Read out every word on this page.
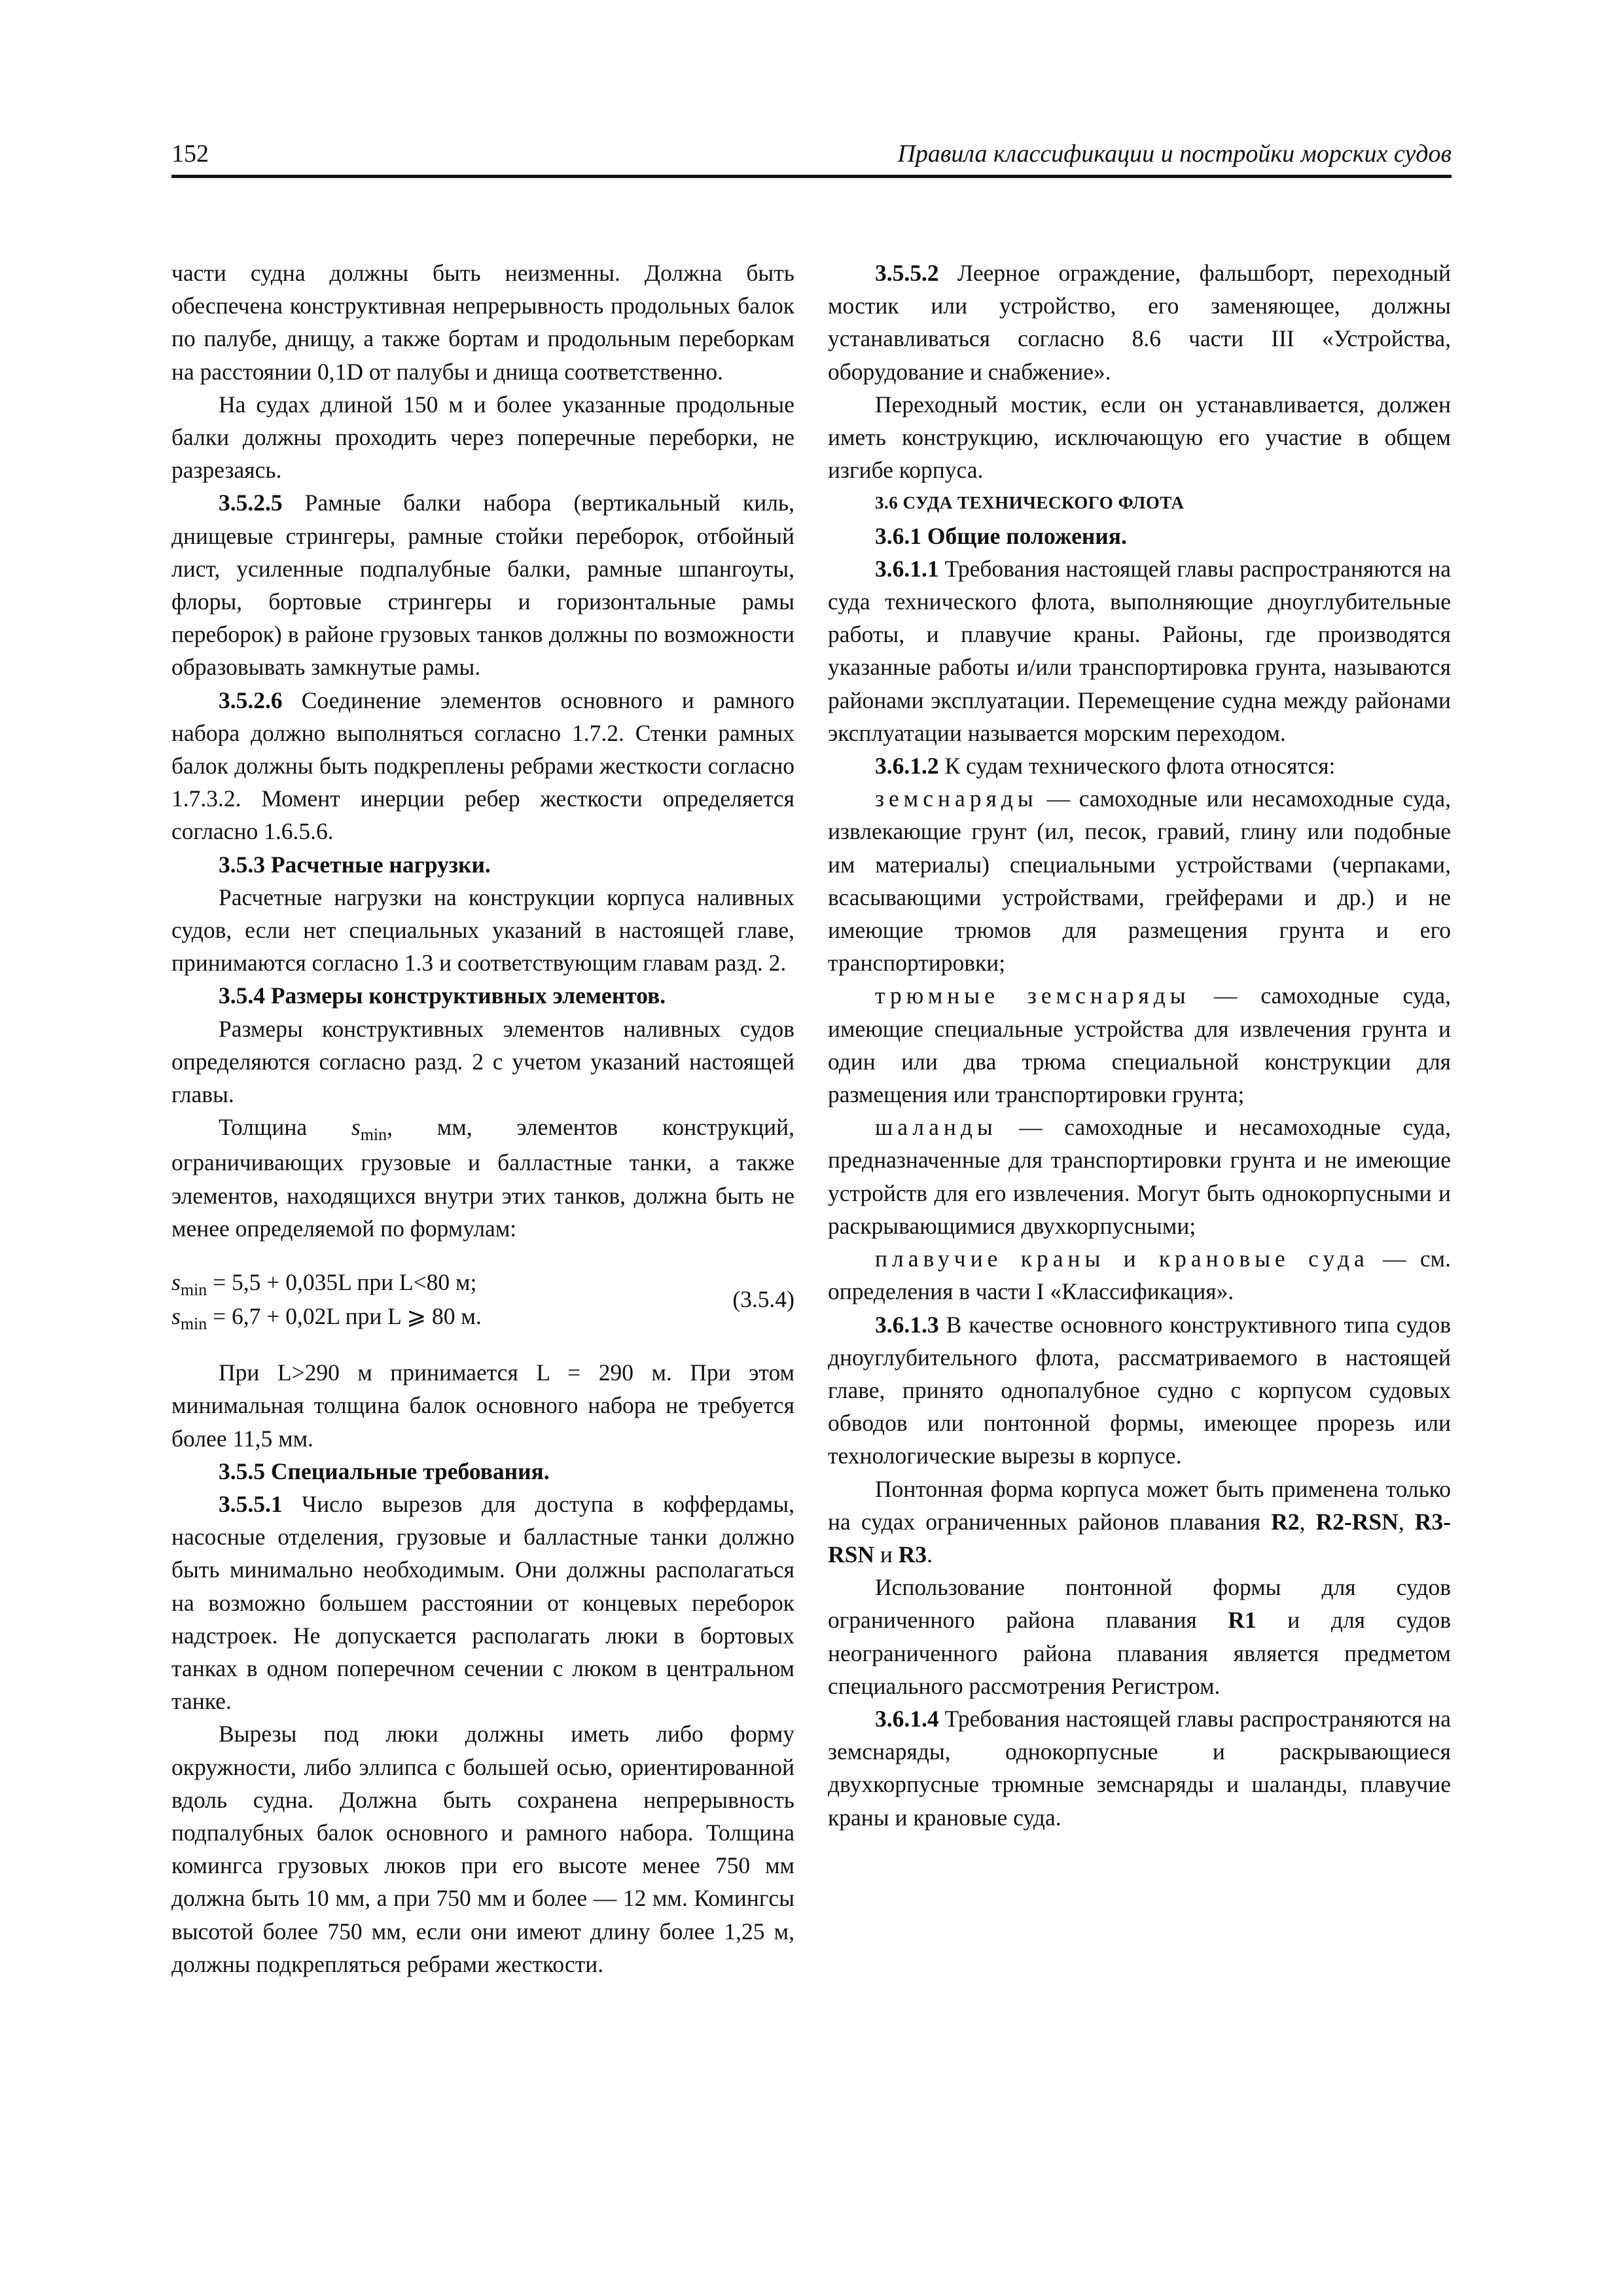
152	Правила классификации и постройки морских судов

части судна должны быть неизменны. Должна быть обеспечена конструктивная непрерывность продольных балок по палубе, днищу, а также бортам и продольным переборкам на расстоянии 0,1D от палубы и днища соответственно.

На судах длиной 150 м и более указанные продольные балки должны проходить через поперечные переборки, не разрезаясь.

3.5.2.5 Рамные балки набора (вертикальный киль, днищевые стрингеры, рамные стойки переборок, отбойный лист, усиленные подпалубные балки, рамные шпангоуты, флоры, бортовые стрингеры и горизонтальные рамы переборок) в районе грузовых танков должны по возможности образовывать замкнутые рамы.

3.5.2.6 Соединение элементов основного и рамного набора должно выполняться согласно 1.7.2. Стенки рамных балок должны быть подкреплены ребрами жесткости согласно 1.7.3.2. Момент инерции ребер жесткости определяется согласно 1.6.5.6.

3.5.3 Расчетные нагрузки.

Расчетные нагрузки на конструкции корпуса наливных судов, если нет специальных указаний в настоящей главе, принимаются согласно 1.3 и соответствующим главам разд. 2.

3.5.4 Размеры конструктивных элементов.

Размеры конструктивных элементов наливных судов определяются согласно разд. 2 с учетом указаний настоящей главы.

Толщина $s_{min}$, мм, элементов конструкций, ограничивающих грузовые и балластные танки, а также элементов, находящихся внутри этих танков, должна быть не менее определяемой по формулам:

$s_{min} = 5,5 + 0,035L$ при L<80 м;
$s_{min} = 6,7 + 0,02L$ при L ⩾ 80 м.
(3.5.4)

При L>290 м принимается L = 290 м. При этом минимальная толщина балок основного набора не требуется более 11,5 мм.

3.5.5 Специальные требования.

3.5.5.1 Число вырезов для доступа в коффердамы, насосные отделения, грузовые и балластные танки должно быть минимально необходимым. Они должны располагаться на возможно большем расстоянии от концевых переборок надстроек. Не допускается располагать люки в бортовых танках в одном поперечном сечении с люком в центральном танке.

Вырезы под люки должны иметь либо форму окружности, либо эллипса с большей осью, ориентированной вдоль судна. Должна быть сохранена непрерывность подпалубных балок основного и рамного набора. Толщина комингса грузовых люков при его высоте менее 750 мм должна быть 10 мм, а при 750 мм и более — 12 мм. Комингсы высотой более 750 мм, если они имеют длину более 1,25 м, должны подкрепляться ребрами жесткости.

3.5.5.2 Леерное ограждение, фальшборт, переходный мостик или устройство, его заменяющее, должны устанавливаться согласно 8.6 части III «Устройства, оборудование и снабжение».

Переходный мостик, если он устанавливается, должен иметь конструкцию, исключающую его участие в общем изгибе корпуса.

3.6 СУДА ТЕХНИЧЕСКОГО ФЛОТА

3.6.1 Общие положения.

3.6.1.1 Требования настоящей главы распространяются на суда технического флота, выполняющие дноуглубительные работы, и плавучие краны. Районы, где производятся указанные работы и/или транспортировка грунта, называются районами эксплуатации. Перемещение судна между районами эксплуатации называется морским переходом.

3.6.1.2 К судам технического флота относятся:

земснаряды — самоходные или несамоходные суда, извлекающие грунт (ил, песок, гравий, глину или подобные им материалы) специальными устройствами (черпаками, всасывающими устройствами, грейферами и др.) и не имеющие трюмов для размещения грунта и его транспортировки;

трюмные земснаряды — самоходные суда, имеющие специальные устройства для извлечения грунта и один или два трюма специальной конструкции для размещения или транспортировки грунта;

шаланды — самоходные и несамоходные суда, предназначенные для транспортировки грунта и не имеющие устройств для его извлечения. Могут быть однокорпусными и раскрывающимися двухкорпусными;

плавучие краны и крановые суда — см. определения в части I «Классификация».

3.6.1.3 В качестве основного конструктивного типа судов дноуглубительного флота, рассматриваемого в настоящей главе, принято однопалубное судно с корпусом судовых обводов или понтонной формы, имеющее прорезь или технологические вырезы в корпусе.

Понтонная форма корпуса может быть применена только на судах ограниченных районов плавания R2, R2-RSN, R3-RSN и R3.

Использование понтонной формы для судов ограниченного района плавания R1 и для судов неограниченного района плавания является предметом специального рассмотрения Регистром.

3.6.1.4 Требования настоящей главы распространяются на земснаряды, однокорпусные и раскрывающиеся двухкорпусные трюмные земснаряды и шаланды, плавучие краны и крановые суда.
